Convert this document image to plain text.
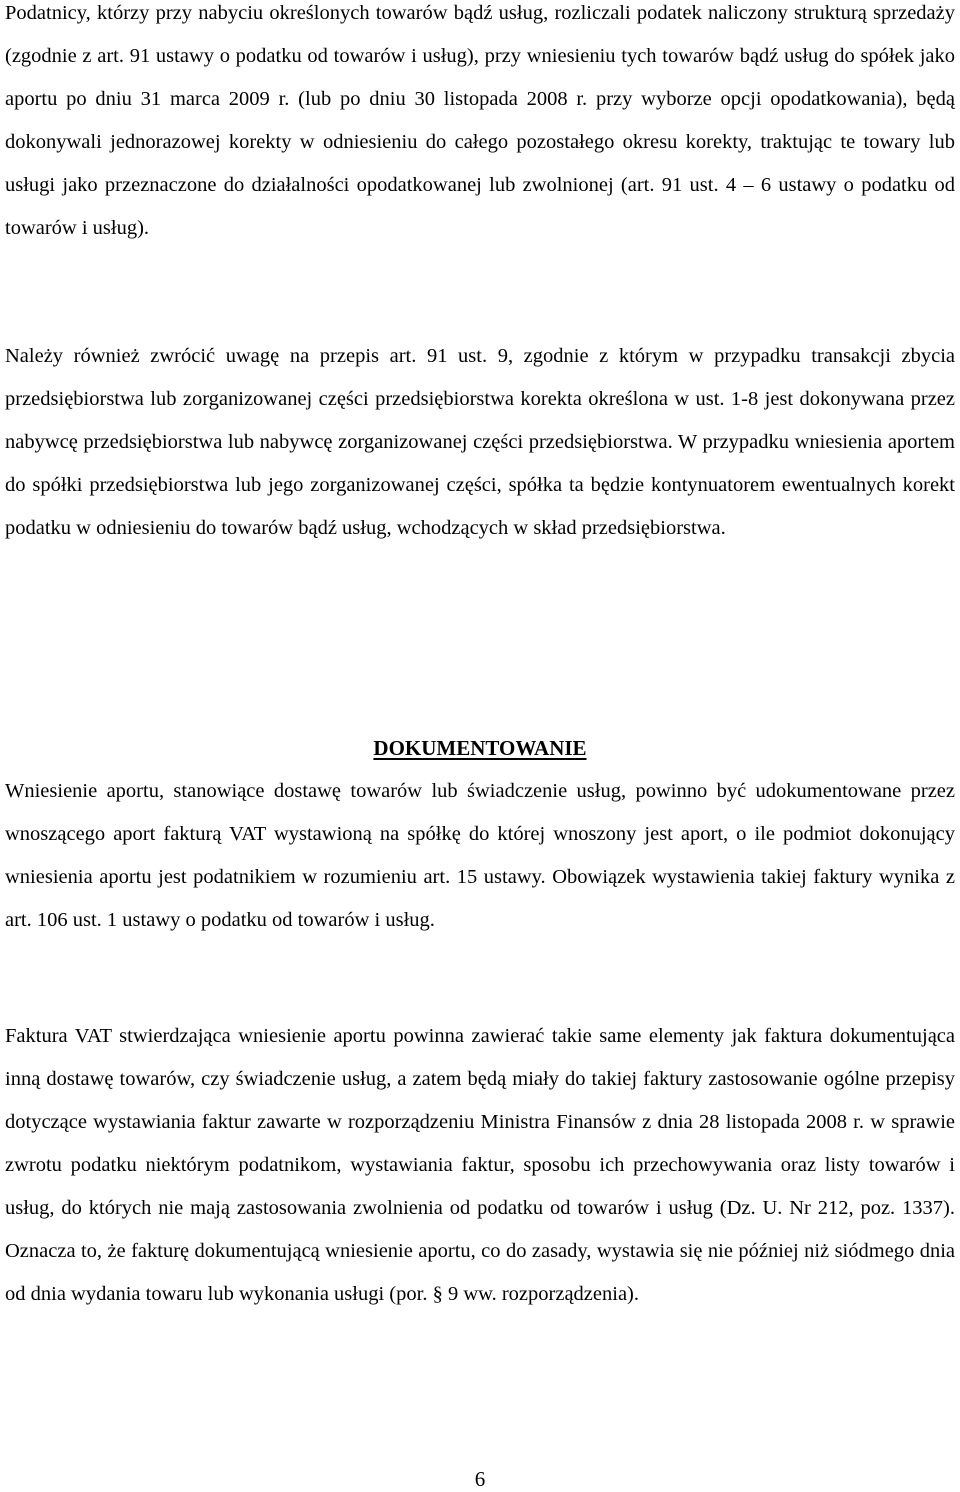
Podatnicy, którzy przy nabyciu określonych towarów bądź usług, rozliczali podatek naliczony strukturą sprzedaży (zgodnie z art. 91 ustawy o podatku od towarów i usług), przy wniesieniu tych towarów bądź usług do spółek jako aportu po dniu 31 marca 2009 r. (lub po dniu 30 listopada 2008 r. przy wyborze opcji opodatkowania), będą dokonywali jednorazowej korekty w odniesieniu do całego pozostałego okresu korekty, traktując te towary lub usługi jako przeznaczone do działalności opodatkowanej lub zwolnionej (art. 91 ust. 4 – 6 ustawy o podatku od towarów i usług).

Należy również zwrócić uwagę na przepis art. 91 ust. 9, zgodnie z którym w przypadku transakcji zbycia przedsiębiorstwa lub zorganizowanej części przedsiębiorstwa korekta określona w ust. 1-8 jest dokonywana przez nabywcę przedsiębiorstwa lub nabywcę zorganizowanej części przedsiębiorstwa. W przypadku wniesienia aportem do spółki przedsiębiorstwa lub jego zorganizowanej części, spółka ta będzie kontynuatorem ewentualnych korekt podatku w odniesieniu do towarów bądź usług, wchodzących w skład przedsiębiorstwa.

DOKUMENTOWANIE

Wniesienie aportu, stanowiące dostawę towarów lub świadczenie usług, powinno być udokumentowane przez wnoszącego aport fakturą VAT wystawioną na spółkę do której wnoszony jest aport, o ile podmiot dokonujący wniesienia aportu jest podatnikiem w rozumieniu art. 15 ustawy. Obowiązek wystawienia takiej faktury wynika z art. 106 ust. 1 ustawy o podatku od towarów i usług.

Faktura VAT stwierdzająca wniesienie aportu powinna zawierać takie same elementy jak faktura dokumentująca inną dostawę towarów, czy świadczenie usług, a zatem będą miały do takiej faktury zastosowanie ogólne przepisy dotyczące wystawiania faktur zawarte w rozporządzeniu Ministra Finansów z dnia 28 listopada 2008 r. w sprawie zwrotu podatku niektórym podatnikom, wystawiania faktur, sposobu ich przechowywania oraz listy towarów i usług, do których nie mają zastosowania zwolnienia od podatku od towarów i usług (Dz. U. Nr 212, poz. 1337). Oznacza to, że fakturę dokumentującą wniesienie aportu, co do zasady, wystawia się nie później niż siódmego dnia od dnia wydania towaru lub wykonania usługi (por. § 9 ww. rozporządzenia).

6
